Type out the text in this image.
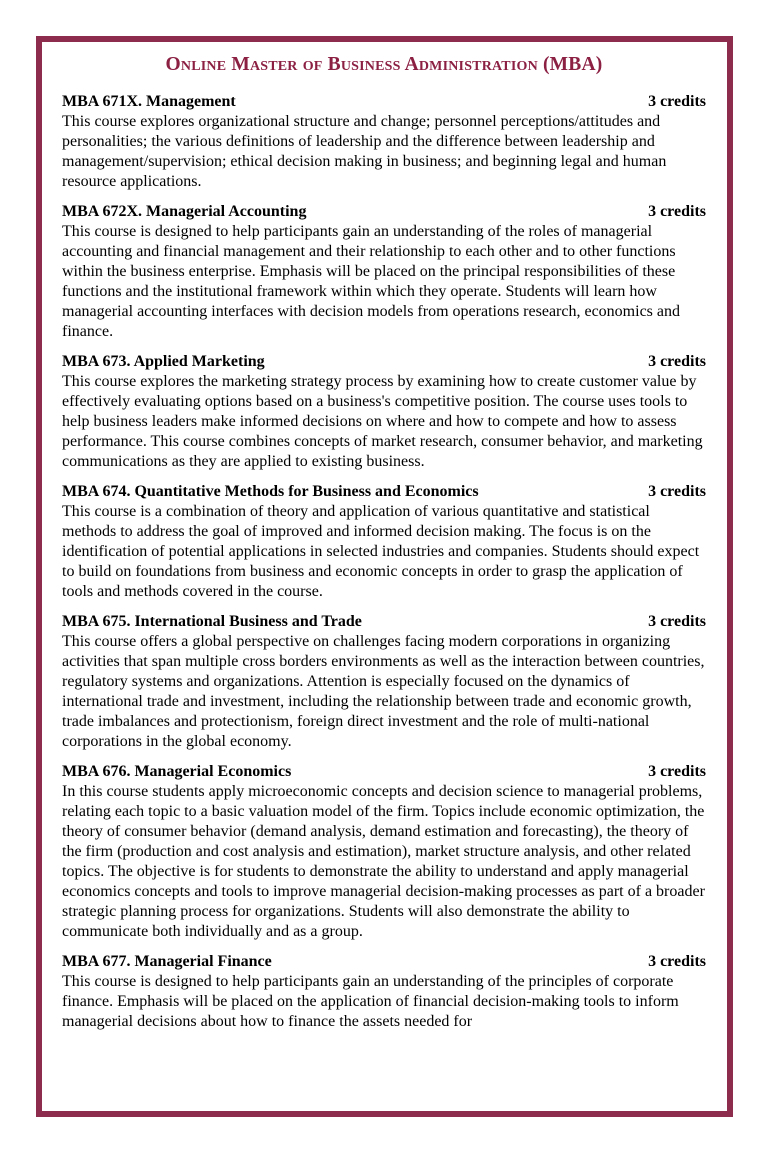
Online Master of Business Administration (MBA)
MBA 671X. Management	3 credits

This course explores organizational structure and change; personnel perceptions/attitudes and personalities; the various definitions of leadership and the difference between leadership and management/supervision; ethical decision making in business; and beginning legal and human resource applications.

MBA 672X. Managerial Accounting	3 credits

This course is designed to help participants gain an understanding of the roles of managerial accounting and financial management and their relationship to each other and to other functions within the business enterprise. Emphasis will be placed on the principal responsibilities of these functions and the institutional framework within which they operate. Students will learn how managerial accounting interfaces with decision models from operations research, economics and finance.

MBA 673. Applied Marketing	3 credits

This course explores the marketing strategy process by examining how to create customer value by effectively evaluating options based on a business's competitive position. The course uses tools to help business leaders make informed decisions on where and how to compete and how to assess performance. This course combines concepts of market research, consumer behavior, and marketing communications as they are applied to existing business.

MBA 674. Quantitative Methods for Business and Economics	3 credits

This course is a combination of theory and application of various quantitative and statistical methods to address the goal of improved and informed decision making. The focus is on the identification of potential applications in selected industries and companies. Students should expect to build on foundations from business and economic concepts in order to grasp the application of tools and methods covered in the course.

MBA 675. International Business and Trade	3 credits

This course offers a global perspective on challenges facing modern corporations in organizing activities that span multiple cross borders environments as well as the interaction between countries, regulatory systems and organizations. Attention is especially focused on the dynamics of international trade and investment, including the relationship between trade and economic growth, trade imbalances and protectionism, foreign direct investment and the role of multi-national corporations in the global economy.

MBA 676. Managerial Economics	3 credits

In this course students apply microeconomic concepts and decision science to managerial problems, relating each topic to a basic valuation model of the firm. Topics include economic optimization, the theory of consumer behavior (demand analysis, demand estimation and forecasting), the theory of the firm (production and cost analysis and estimation), market structure analysis, and other related topics. The objective is for students to demonstrate the ability to understand and apply managerial economics concepts and tools to improve managerial decision-making processes as part of a broader strategic planning process for organizations. Students will also demonstrate the ability to communicate both individually and as a group.

MBA 677. Managerial Finance	3 credits

This course is designed to help participants gain an understanding of the principles of corporate finance. Emphasis will be placed on the application of financial decision-making tools to inform managerial decisions about how to finance the assets needed for
